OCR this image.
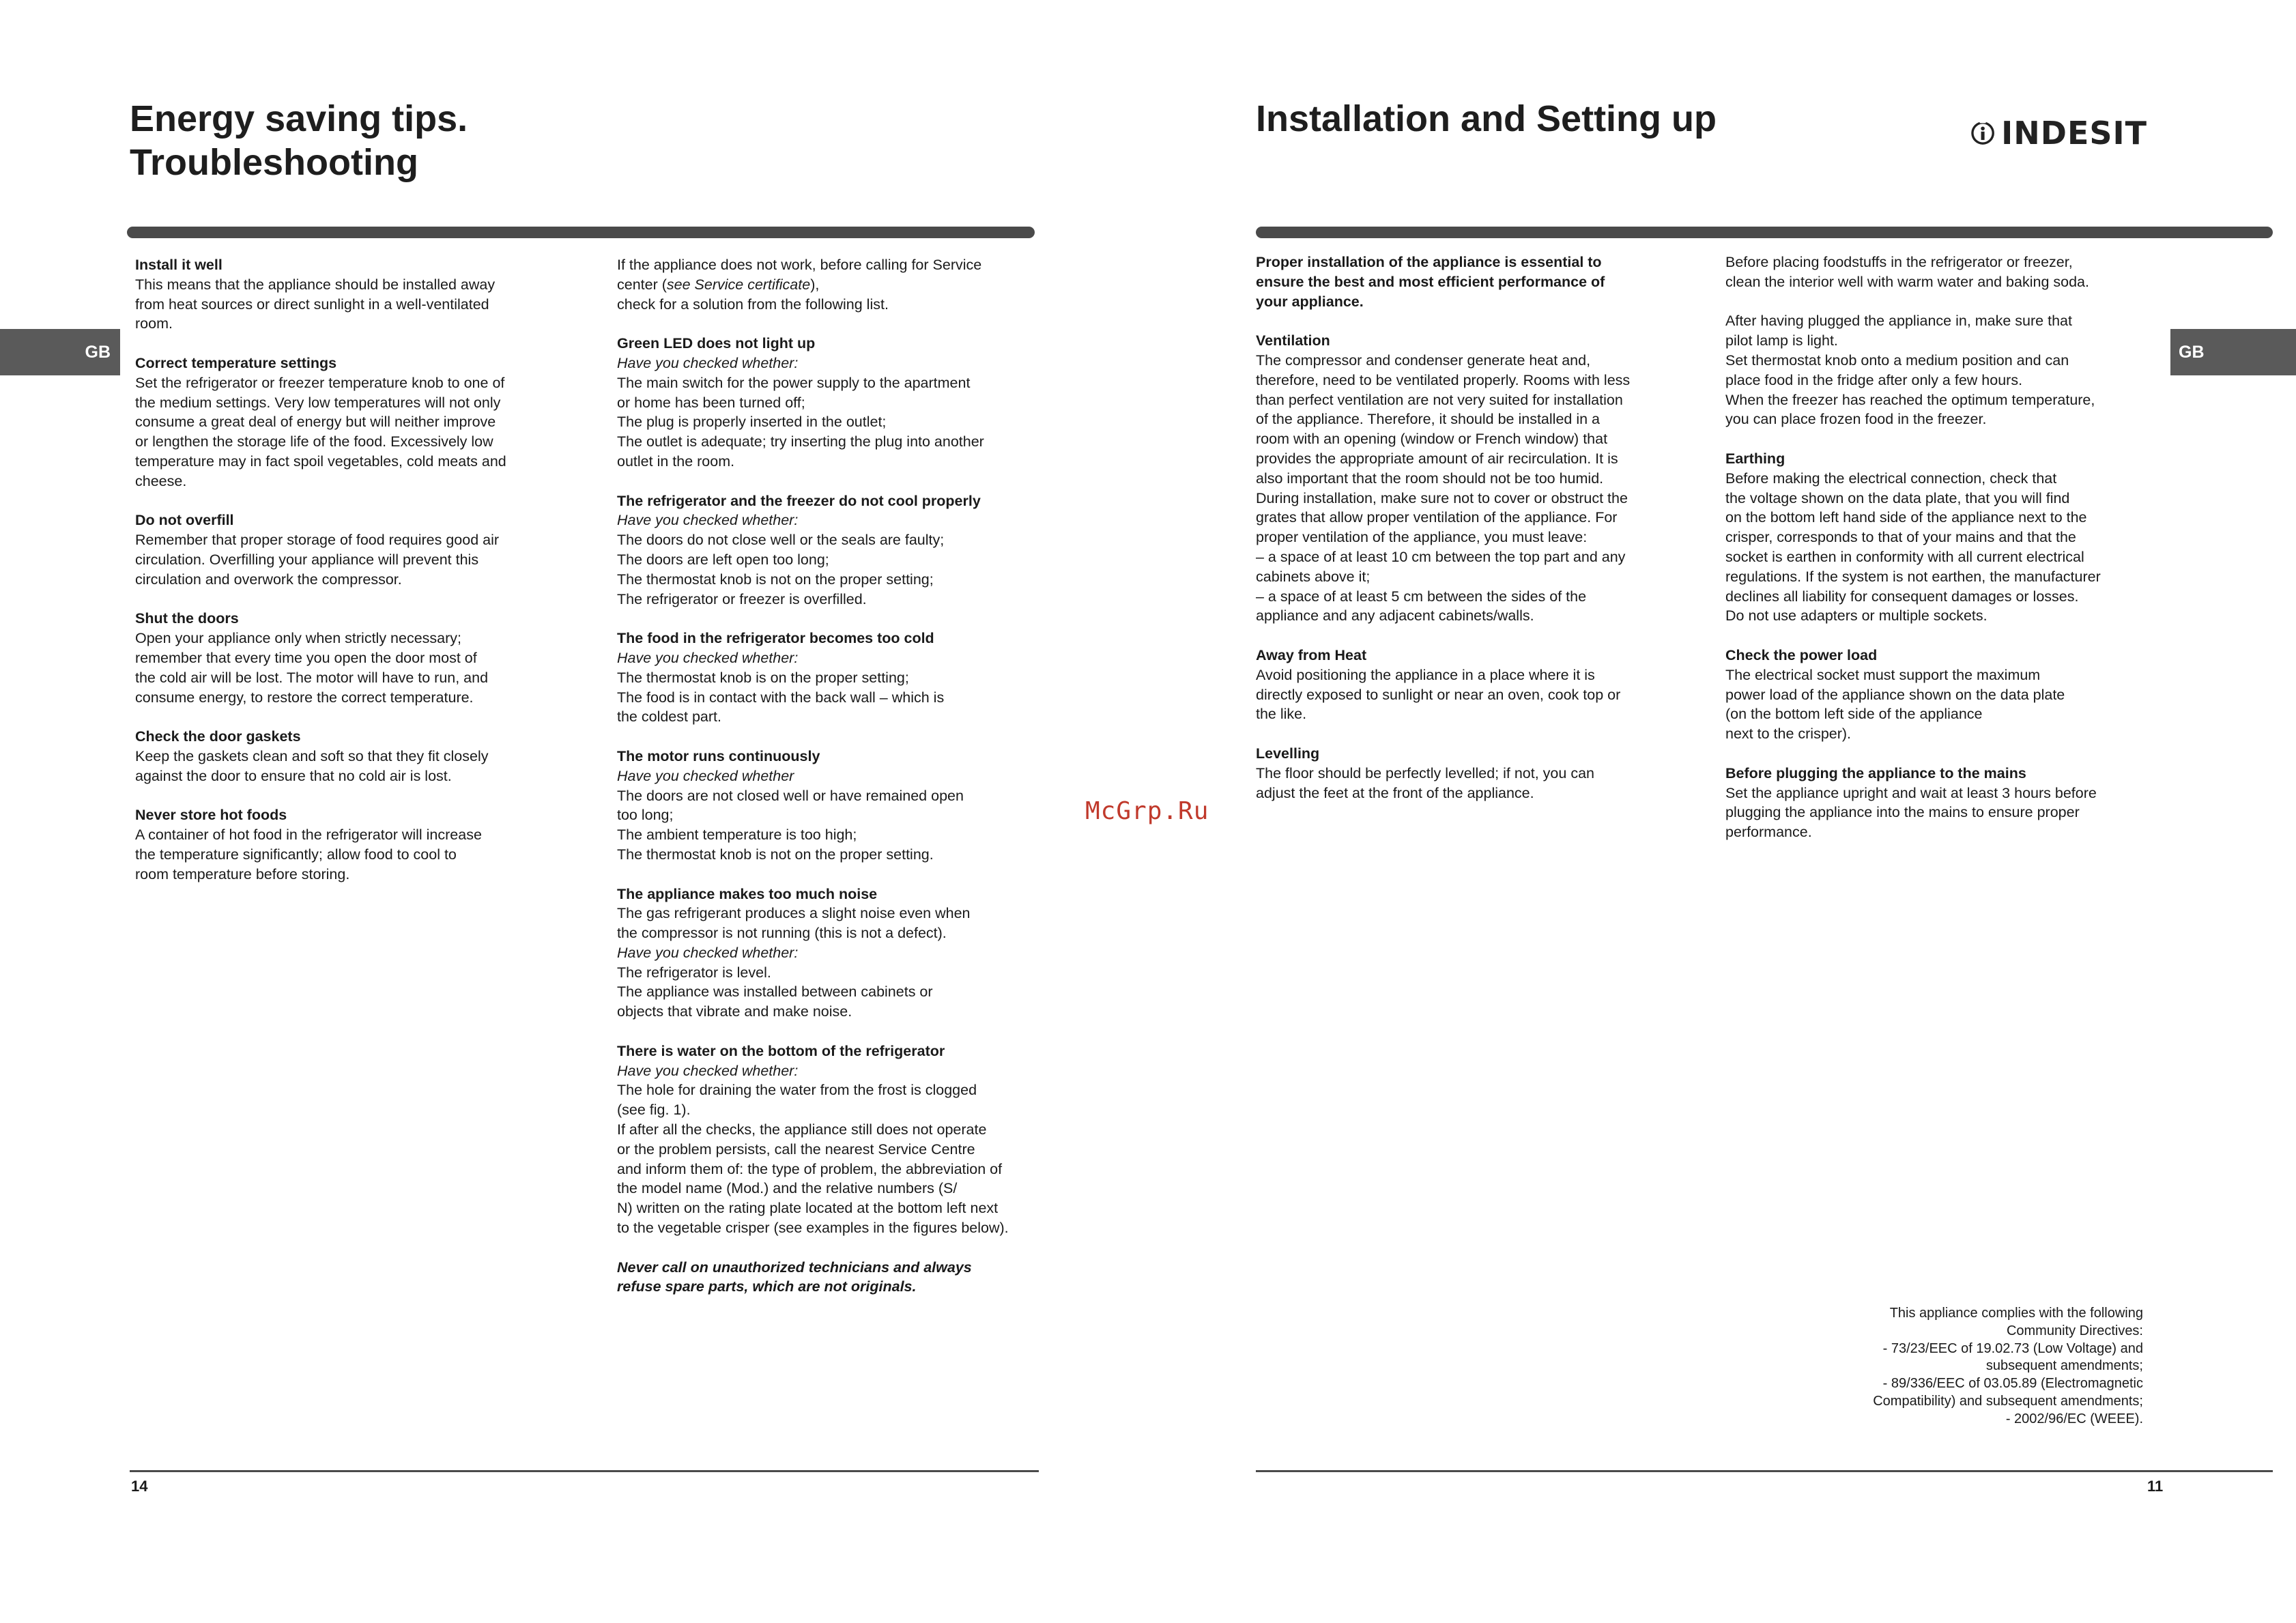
Energy saving tips.
Troubleshooting
GB
Install it well

This means that the appliance should be installed away
from heat sources or direct sunlight in a well-ventilated
room.

Correct temperature settings

Set the refrigerator or freezer temperature knob to one of
the medium settings. Very low temperatures will not only
consume a great deal of energy but will neither improve
or lengthen the storage life of the food. Excessively low
temperature may in fact spoil vegetables, cold meats and
cheese.

Do not overfill

Remember that proper storage of food requires good air
circulation. Overfilling your appliance will prevent this
circulation and overwork the compressor.

Shut the doors

Open your appliance only when strictly necessary;
remember that every time you open the door most of
the cold air will be lost. The motor will have to run, and
consume energy, to restore the correct temperature.

Check the door gaskets

Keep the gaskets clean and soft so that they fit closely
against the door to ensure that no cold air is lost.

Never store hot foods

A container of hot food in the refrigerator will increase
the temperature significantly; allow food to cool to
room temperature before storing.

If the appliance does not work, before calling for Service
center (see Service certificate),
check for a solution from the following list.

Green LED does not light up

Have you checked whether:

The main switch for the power supply to the apartment
or home has been turned off;
The plug is properly inserted in the outlet;
The outlet is adequate; try inserting the plug into another
outlet in the room.

The refrigerator and the freezer do not cool properly

Have you checked whether:

The doors do not close well or the seals are faulty;
The doors are left open too long;
The thermostat knob is not on the proper setting;
The refrigerator or freezer is overfilled.

The food in the refrigerator becomes too cold

Have you checked whether:

The thermostat knob is on the proper setting;
The food is in contact with the back wall – which is
the coldest part.

The motor runs continuously

Have you checked whether

The doors are not closed well or have remained open
too long;
The ambient temperature is too high;
The thermostat knob is not on the proper setting.

The appliance makes too much noise

The gas refrigerant produces a slight noise even when
the compressor is not running (this is not a defect).

Have you checked whether:

The refrigerator is level.
The appliance was installed between cabinets or
objects that vibrate and make noise.

There is water on the bottom of the refrigerator

Have you checked whether:

The hole for draining the water from the frost is clogged
(see fig. 1).
If after all the checks, the appliance still does not operate
or the problem persists, call the nearest Service Centre
and inform them of: the type of problem, the abbreviation of
the model name (Mod.) and the relative numbers (S/
N) written on the rating plate located at the bottom left next
to the vegetable crisper (see examples in the figures below).

Never call on unauthorized technicians and always
refuse spare parts, which are not originals.

14
Installation and Setting up

Proper installation of the appliance is essential to
ensure the best and most efficient performance of
your appliance.

Ventilation

The compressor and condenser generate heat and,
therefore, need to be ventilated properly. Rooms with less
than perfect ventilation are not very suited for installation
of the appliance. Therefore, it should be installed in a
room with an opening (window or French window) that
provides the appropriate amount of air recirculation. It is
also important that the room should not be too humid.
During installation, make sure not to cover or obstruct the
grates that allow proper ventilation of the appliance. For
proper ventilation of the appliance, you must leave:
– a space of at least 10 cm between the top part and any
cabinets above it;
– a space of at least 5 cm between the sides of the
appliance and any adjacent cabinets/walls.

Away from Heat

Avoid positioning the appliance in a place where it is
directly exposed to sunlight or near an oven, cook top or
the like.

Levelling

The floor should be perfectly levelled; if not, you can
adjust the feet at the front of the appliance.

Before placing foodstuffs in the refrigerator or freezer,
clean the interior well with warm water and baking soda.

After having plugged the appliance in, make sure that
pilot lamp is light.
Set thermostat knob onto a medium position and can
place food in the fridge after only a few hours.
When the freezer has reached the optimum temperature,
you can place frozen food in the freezer.

Earthing

Before making the electrical connection, check that
the voltage shown on the data plate, that you will find
on the bottom left hand side of the appliance next to the
crisper, corresponds to that of your mains and that the
socket is earthen in conformity with all current electrical
regulations. If the system is not earthen, the manufacturer
declines all liability for consequent damages or losses.
Do not use adapters or multiple sockets.

Check the power load

The electrical socket must support the maximum
power load of the appliance shown on the data plate
(on the bottom left side of the appliance
next to the crisper).

Before plugging the appliance to the mains

Set the appliance upright and wait at least 3 hours before
plugging the appliance into the mains to ensure proper
performance.

11
GB
INDESIT
McGrp.Ru
This appliance complies with the following
Community Directives:
- 73/23/EEC of 19.02.73 (Low Voltage) and
subsequent amendments;
- 89/336/EEC of 03.05.89 (Electromagnetic
Compatibility) and subsequent amendments;
- 2002/96/EC (WEEE).
